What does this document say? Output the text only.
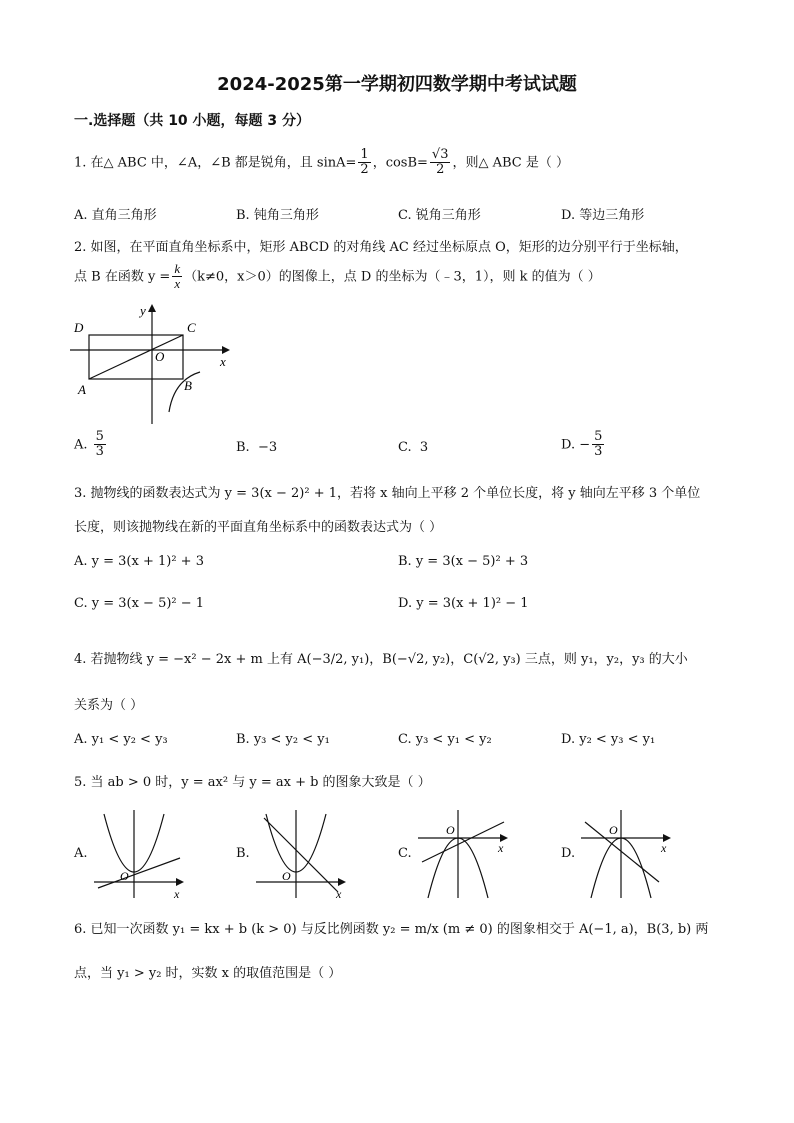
2024-2025第一学期初四数学期中考试试题
一.选择题（共 10 小题，每题 3 分）
1. 在△ ABC 中，∠A，∠B 都是锐角，且 $\sin A= \frac{1}{2}$ ，$\cos B= \frac{√3}{2}$ ，则△ ABC 是（ ）
A. 直角三角形	B. 钝角三角形	C. 锐角三角形	D. 等边三角形
2. 如图，在平面直角坐标系中，矩形 ABCD 的对角线 AC 经过坐标原点 O，矩形的边分别平行于坐标轴，
点 B 在函数 $y = \frac{k}{x} (k\ne 0$，x＞0）的图像上，点 D 的坐标为（﹣3，1），则 k 的值为（ ）
D	C
A	B
O	x
y
A. $\frac{5}{3}$	B. −3	C. 3	D. − $\frac{5}{3}$
3. 抛物线的函数表达式为 y = 3(x − 2)² + 1，若将 x 轴向上平移 2 个单位长度，将 y 轴向左平移 3 个单位
长度，则该抛物线在新的平面直角坐标系中的函数表达式为（ ）
A. y = 3(x + 1)² + 3	B. y = 3(x − 5)² + 3
C. y = 3(x − 5)² − 1	D. y = 3(x + 1)² − 1
4. 若抛物线 y = −x² − 2x + m 上有 A(−3/2, y₁)，B(−√2, y₂)，C(√2, y₃) 三点，则 y₁，y₂，y₃ 的大小
关系为（ ）
A. y₁ < y₂ < y₃	B. y₃ < y₂ < y₁	C. y₃ < y₁ < y₂	D. y₂ < y₃ < y₁
5. 当 ab > 0 时，y = ax² 与 y = ax + b 的图象大致是（ ）
A.
O
x
B.
O
x
C.
O
x	D.
O
x
6. 已知一次函数 y₁ = kx + b (k > 0) 与反比例函数 y₂ = m/x (m ≠ 0) 的图象相交于 A(−1, a)，B(3, b) 两
点，当 y₁ > y₂ 时，实数 x 的取值范围是（ ）
